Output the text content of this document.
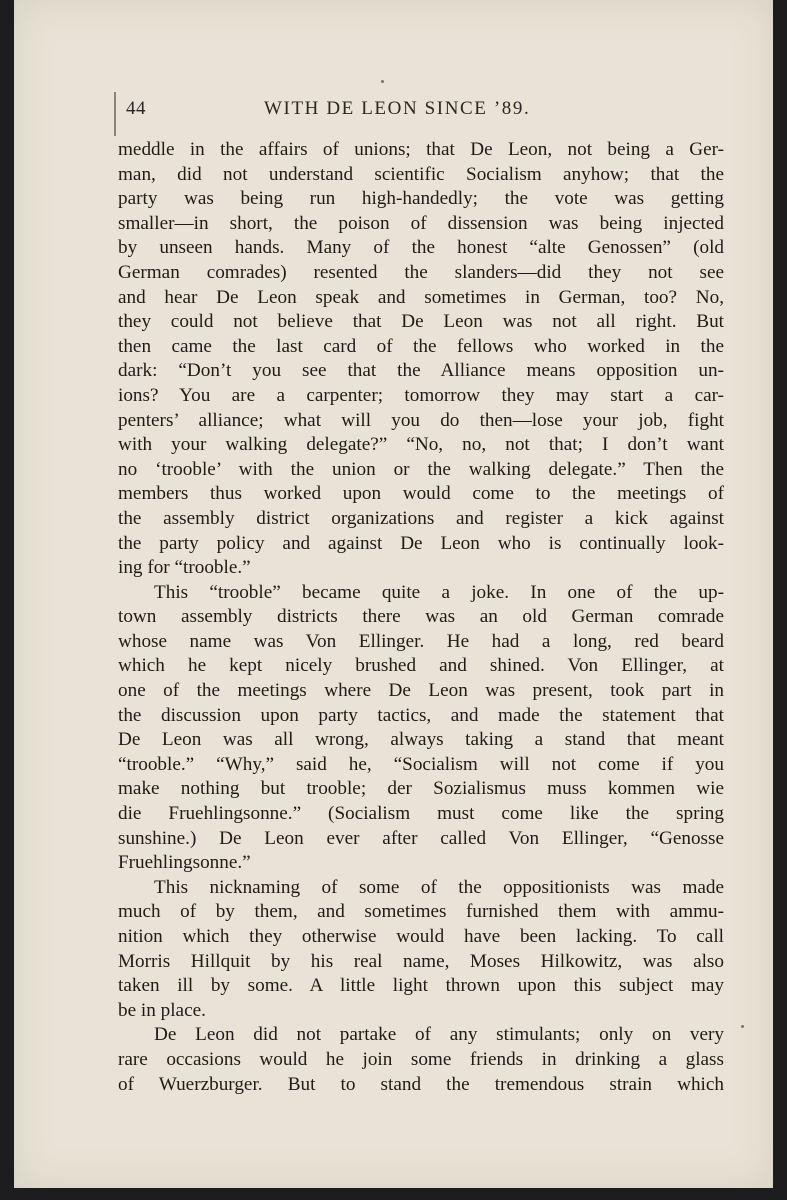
44	WITH DE LEON SINCE ’89.
meddle in the affairs of unions; that De Leon, not being a Ger-
man, did not understand scientific Socialism anyhow; that the
party was being run high-handedly; the vote was getting
smaller—in short, the poison of dissension was being injected
by unseen hands. Many of the honest “alte Genossen” (old
German comrades) resented the slanders—did they not see
and hear De Leon speak and sometimes in German, too? No,
they could not believe that De Leon was not all right. But
then came the last card of the fellows who worked in the
dark: “Don’t you see that the Alliance means opposition un-
ions? You are a carpenter; tomorrow they may start a car-
penters’ alliance; what will you do then—lose your job, fight
with your walking delegate?” “No, no, not that; I don’t want
no ‘trooble’ with the union or the walking delegate.” Then the
members thus worked upon would come to the meetings of
the assembly district organizations and register a kick against
the party policy and against De Leon who is continually look-
ing for “trooble.”
This “trooble” became quite a joke. In one of the up-
town assembly districts there was an old German comrade
whose name was Von Ellinger. He had a long, red beard
which he kept nicely brushed and shined. Von Ellinger, at
one of the meetings where De Leon was present, took part in
the discussion upon party tactics, and made the statement that
De Leon was all wrong, always taking a stand that meant
“trooble.” “Why,” said he, “Socialism will not come if you
make nothing but trooble; der Sozialismus muss kommen wie
die Fruehlingsonne.” (Socialism must come like the spring
sunshine.) De Leon ever after called Von Ellinger, “Genosse
Fruehlingsonne.”
This nicknaming of some of the oppositionists was made
much of by them, and sometimes furnished them with ammu-
nition which they otherwise would have been lacking. To call
Morris Hillquit by his real name, Moses Hilkowitz, was also
taken ill by some. A little light thrown upon this subject may
be in place.
De Leon did not partake of any stimulants; only on very
rare occasions would he join some friends in drinking a glass
of Wuerzburger. But to stand the tremendous strain which
